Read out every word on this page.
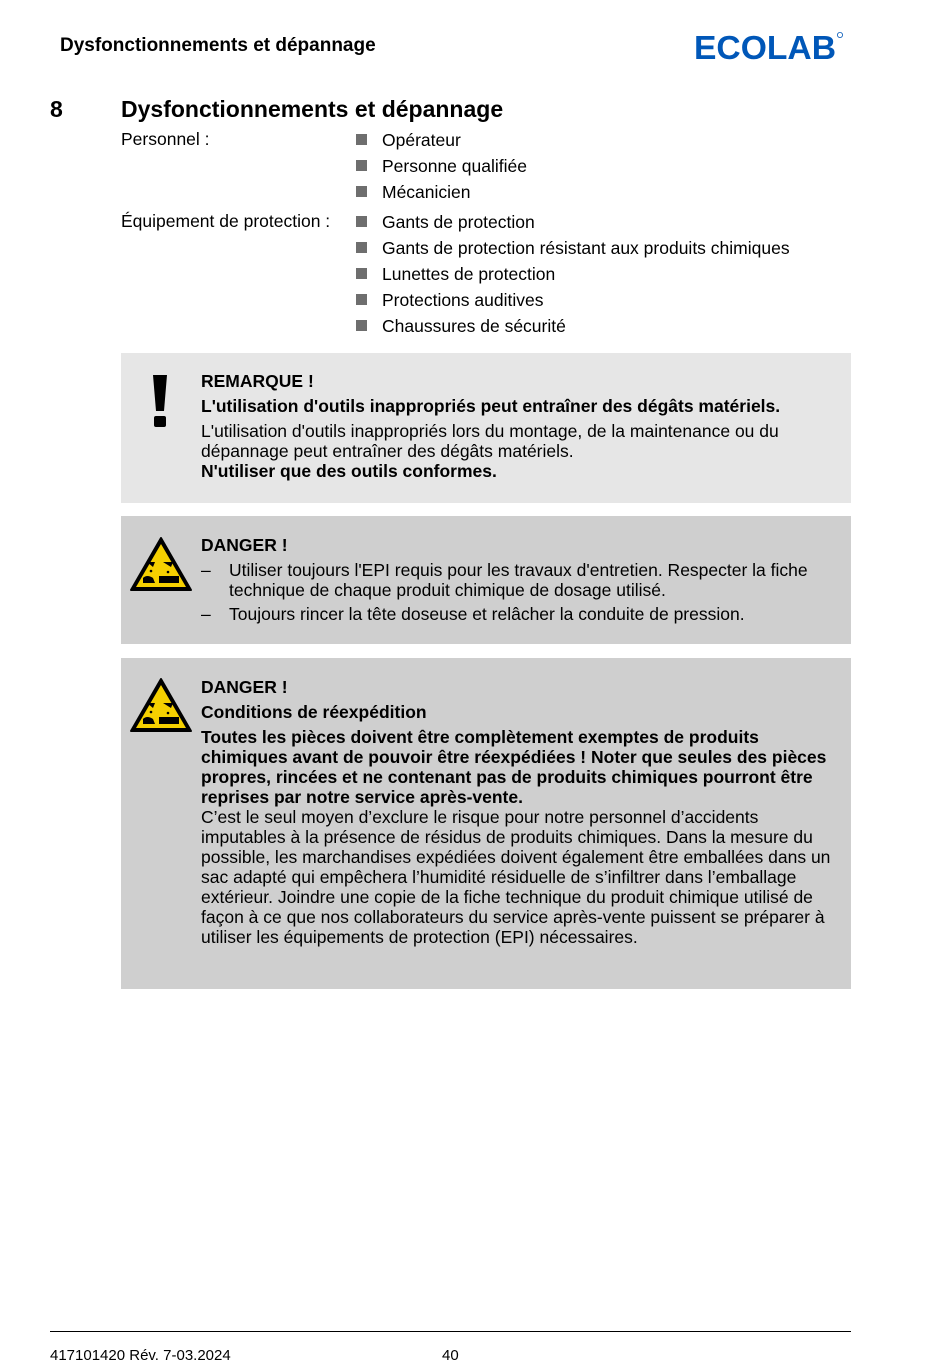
Dysfonctionnements et dépannage	ECOLAB
8	Dysfonctionnements et dépannage
Personnel :	Opérateur
Personne qualifiée
Mécanicien
Équipement de protection :	Gants de protection
Gants de protection résistant aux produits chimiques
Lunettes de protection
Protections auditives
Chaussures de sécurité
REMARQUE !
L'utilisation d'outils inappropriés peut entraîner des dégâts matériels.
L'utilisation d'outils inappropriés lors du montage, de la maintenance ou du dépannage peut entraîner des dégâts matériels.
N'utiliser que des outils conformes.
DANGER !
– Utiliser toujours l'EPI requis pour les travaux d'entretien. Respecter la fiche technique de chaque produit chimique de dosage utilisé.
– Toujours rincer la tête doseuse et relâcher la conduite de pression.
DANGER !
Conditions de réexpédition
Toutes les pièces doivent être complètement exemptes de produits chimiques avant de pouvoir être réexpédiées ! Noter que seules des pièces propres, rincées et ne contenant pas de produits chimiques pourront être reprises par notre service après-vente.
C’est le seul moyen d’exclure le risque pour notre personnel d’accidents imputables à la présence de résidus de produits chimiques. Dans la mesure du possible, les marchandises expédiées doivent également être emballées dans un sac adapté qui empêchera l’humidité résiduelle de s’infiltrer dans l’emballage extérieur. Joindre une copie de la fiche technique du produit chimique utilisé de façon à ce que nos collaborateurs du service après-vente puissent se préparer à utiliser les équipements de protection (EPI) nécessaires.
417101420 Rév. 7-03.2024	40
